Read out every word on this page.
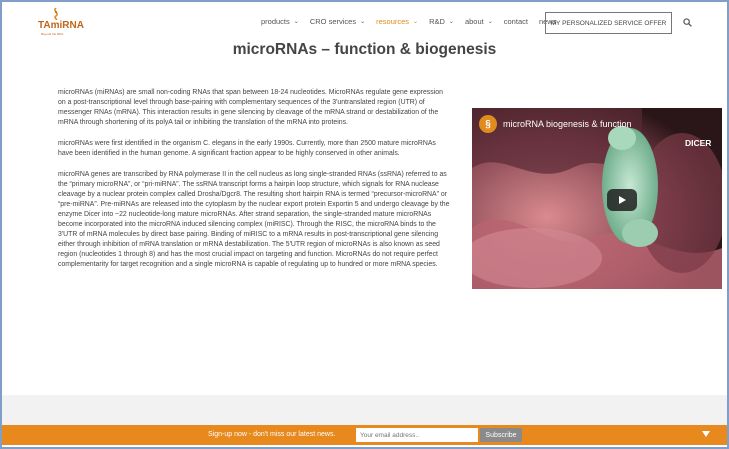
TAmiRNA
Beyond the RNA
products ⌄ CRO services ⌄ resources ⌄ R&D ⌄ about ⌄ contact news
MY PERSONALIZED SERVICE OFFER
microRNAs – function & biogenesis

microRNAs (miRNAs) are small non-coding RNAs that span between 18-24 nucleotides. MicroRNAs regulate gene expression on a post-transcriptional level through base-pairing with complementary sequences of the 3'untranslated region (UTR) of messenger RNAs (mRNA). This interaction results in gene silencing by cleavage of the mRNA strand or destabilization of the mRNA through shortening of its polyA tail or inhibiting the translation of the mRNA into proteins.

microRNAs were first identified in the organism C. elegans in the early 1990s. Currently, more than 2500 mature microRNAs have been identified in the human genome. A significant fraction appear to be highly conserved in other animals.

microRNA genes are transcribed by RNA polymerase II in the cell nucleus as long single-stranded RNAs (ssRNA) referred to as the “primary microRNA”, or “pri-miRNA”. The ssRNA transcript forms a hairpin loop structure, which signals for RNA nuclease cleavage by a nuclear protein complex called Drosha/Dgcr8. The resulting short hairpin RNA is termed “precursor-microRNA” or “pre-miRNA”. Pre-miRNAs are released into the cytoplasm by the nuclear export protein Exportin 5 and undergo cleavage by the enzyme Dicer into ~22 nucleotide-long mature microRNAs. After strand separation, the single-stranded mature microRNAs become incorporated into the microRNA induced silencing complex (miRISC). Through the RISC, the microRNA binds to the 3'UTR of mRNA molecules by direct base pairing. Binding of miRISC to a mRNA results in post-transcriptional gene silencing either through inhibition of mRNA translation or mRNA destabilization. The 5'UTR region of microRNAs is also known as seed region (nucleotides 1 through 8) and has the most crucial impact on targeting and function. MicroRNAs do not require perfect complementarity for target recognition and a single microRNA is capable of regulating up to hundred or more mRNA species.

§	microRNA biogenesis & function
DICER
Sign-up now - don't miss our latest news.
Your email address..	Subscribe
